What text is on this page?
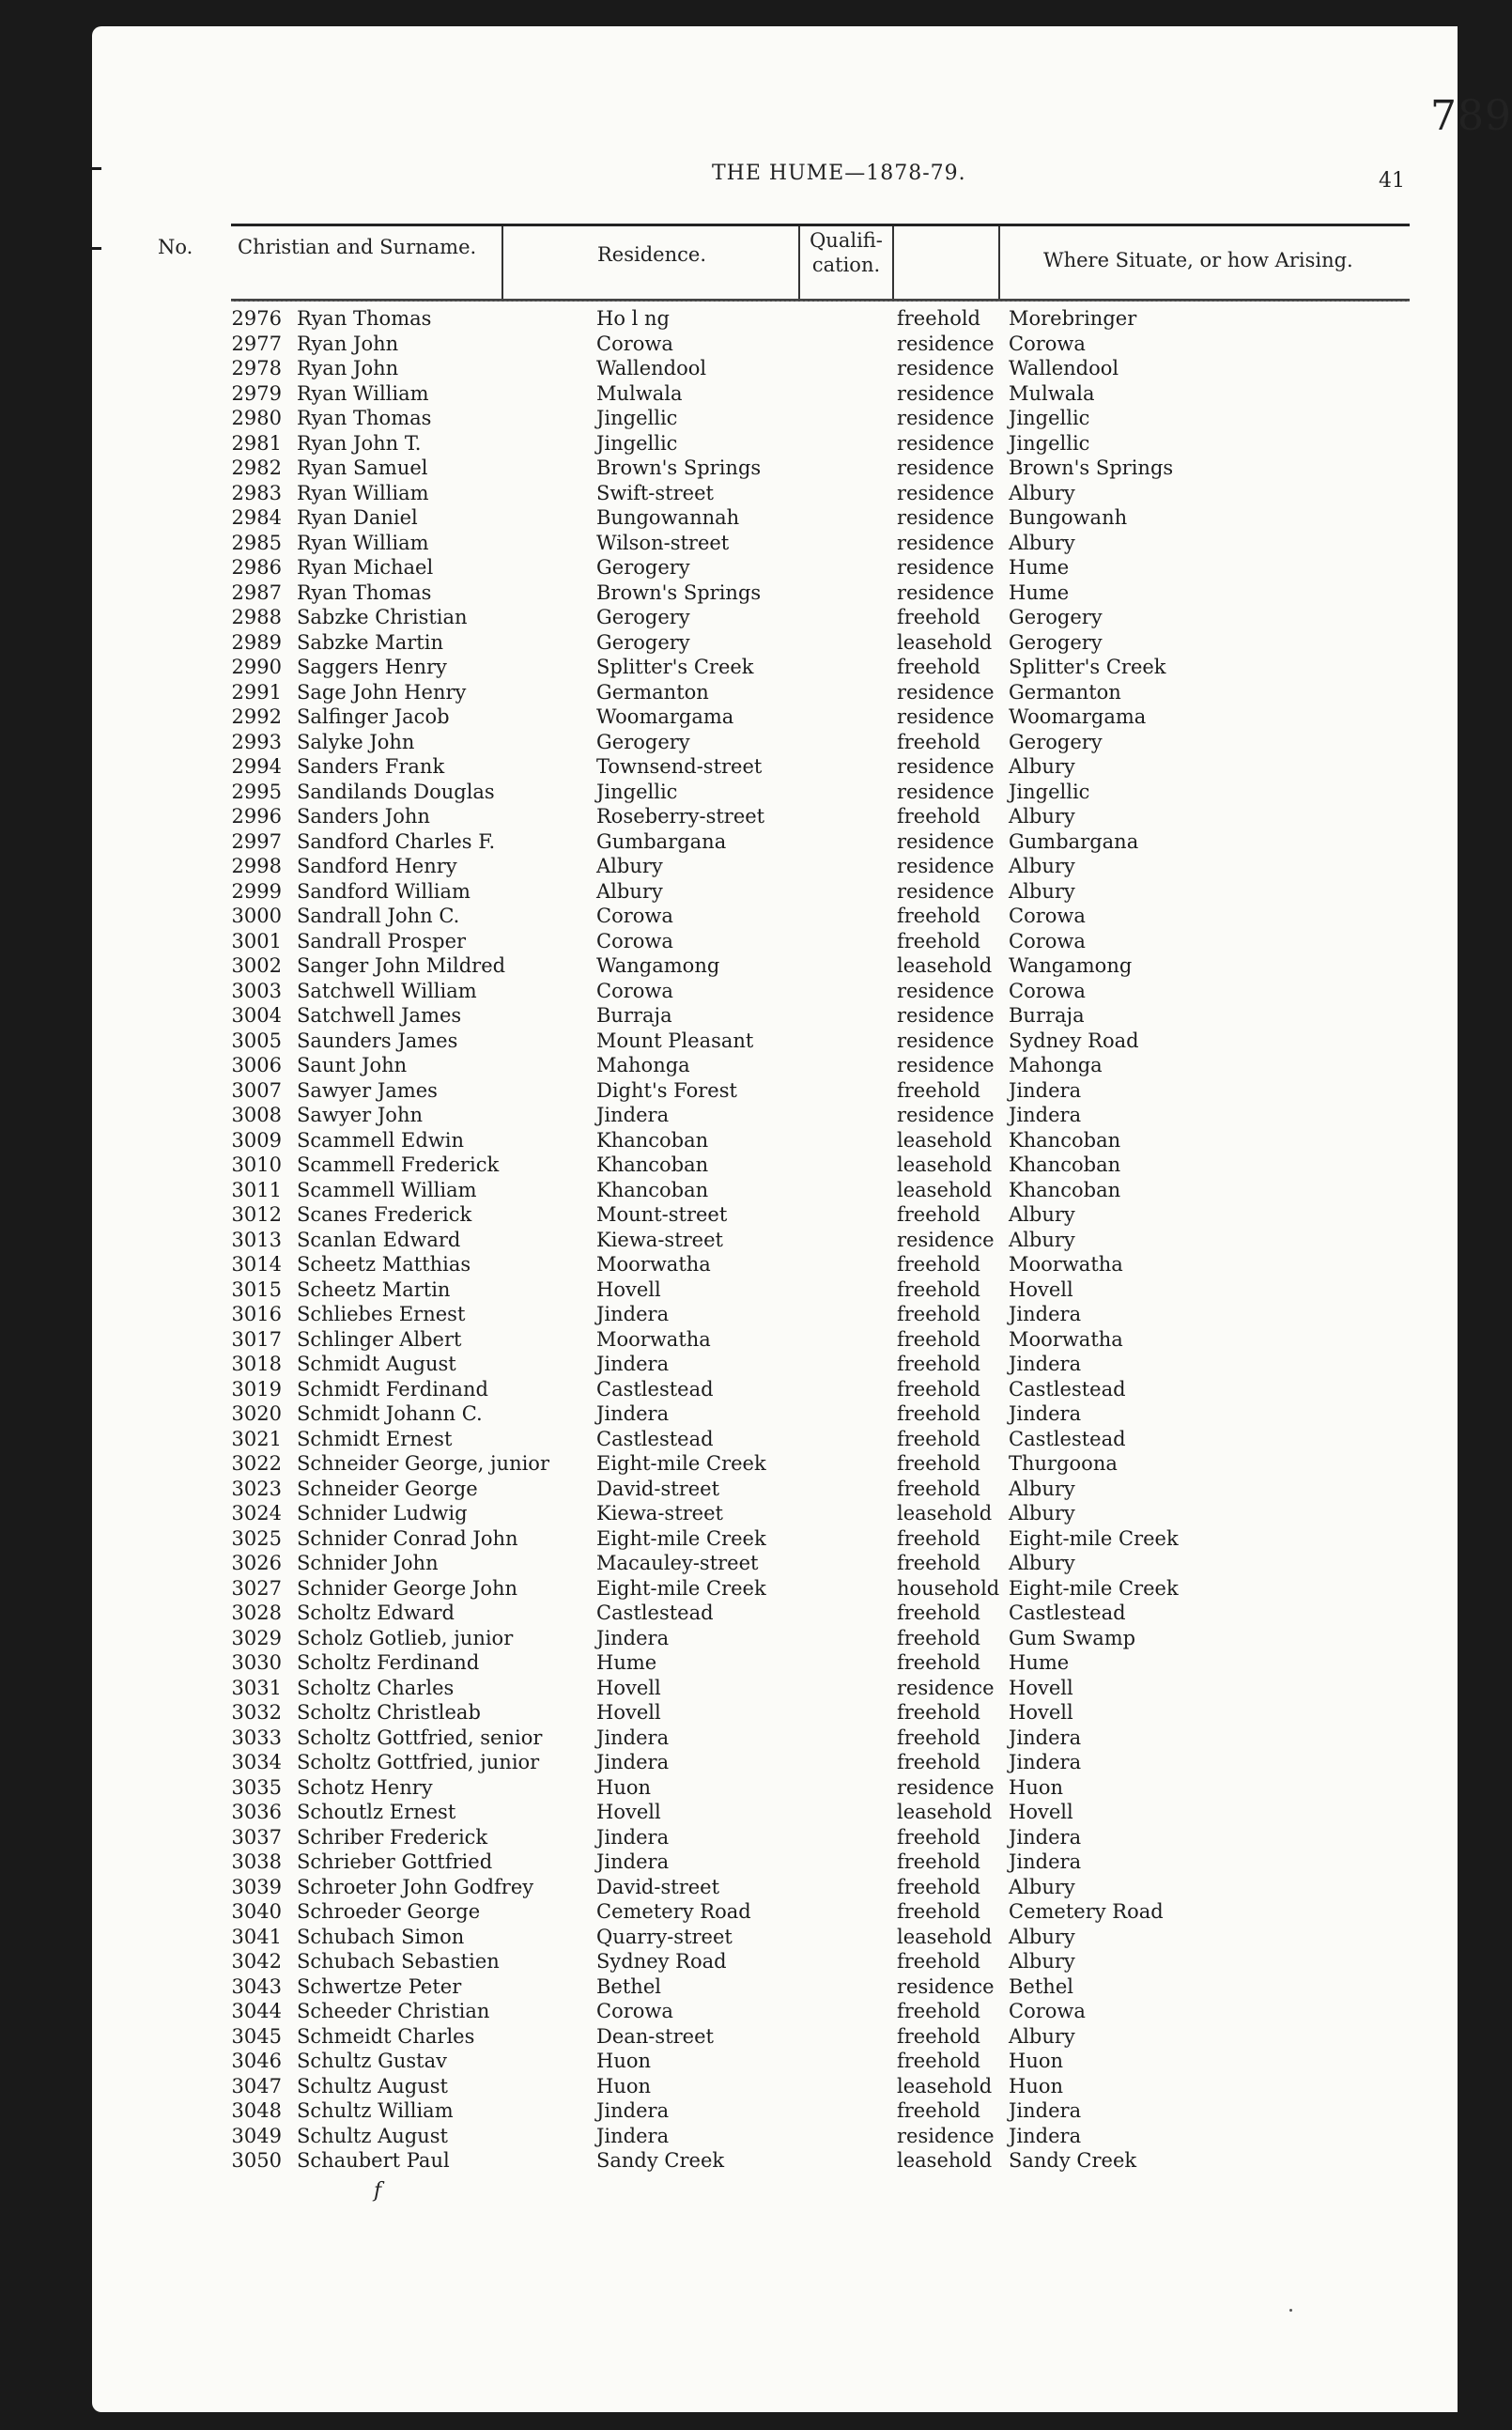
789
THE HUME—1878-79.	41
No. Christian and Surname.	Residence.
Qualifi-
cation.	Where Situate, or how Arising.
2976 Ryan Thomas	Ho l ng	freehold Morebringer
2977 Ryan John	Corowa	residence Corowa
2978 Ryan John	Wallendool	residence Wallendool
2979 Ryan William	Mulwala	residence Mulwala
2980 Ryan Thomas	Jingellic	residence Jingellic
2981 Ryan John T.	Jingellic	residence Jingellic
2982 Ryan Samuel	Brown's Springs	residence Brown's Springs
2983 Ryan William	Swift-street	residence Albury
2984 Ryan Daniel	Bungowannah	residence Bungowanh
2985 Ryan William	Wilson-street	residence Albury
2986 Ryan Michael	Gerogery	residence Hume
2987 Ryan Thomas	Brown's Springs	residence Hume
2988 Sabzke Christian	Gerogery	freehold Gerogery
2989 Sabzke Martin	Gerogery	leasehold Gerogery
2990 Saggers Henry	Splitter's Creek	freehold Splitter's Creek
2991 Sage John Henry	Germanton	residence Germanton
2992 Salfinger Jacob	Woomargama	residence Woomargama
2993 Salyke John	Gerogery	freehold Gerogery
2994 Sanders Frank	Townsend-street	residence Albury
2995 Sandilands Douglas	Jingellic	residence Jingellic
2996 Sanders John	Roseberry-street	freehold Albury
2997 Sandford Charles F.	Gumbargana	residence Gumbargana
2998 Sandford Henry	Albury	residence Albury
2999 Sandford William	Albury	residence Albury
3000 Sandrall John C.	Corowa	freehold Corowa
3001 Sandrall Prosper	Corowa	freehold Corowa
3002 Sanger John Mildred	Wangamong	leasehold Wangamong
3003 Satchwell William	Corowa	residence Corowa
3004 Satchwell James	Burraja	residence Burraja
3005 Saunders James	Mount Pleasant	residence Sydney Road
3006 Saunt John	Mahonga	residence Mahonga
3007 Sawyer James	Dight's Forest	freehold Jindera
3008 Sawyer John	Jindera	residence Jindera
3009 Scammell Edwin	Khancoban	leasehold Khancoban
3010 Scammell Frederick	Khancoban	leasehold Khancoban
3011 Scammell William	Khancoban	leasehold Khancoban
3012 Scanes Frederick	Mount-street	freehold Albury
3013 Scanlan Edward	Kiewa-street	residence Albury
3014 Scheetz Matthias	Moorwatha	freehold Moorwatha
3015 Scheetz Martin	Hovell	freehold Hovell
3016 Schliebes Ernest	Jindera	freehold Jindera
3017 Schlinger Albert	Moorwatha	freehold Moorwatha
3018 Schmidt August	Jindera	freehold Jindera
3019 Schmidt Ferdinand	Castlestead	freehold Castlestead
3020 Schmidt Johann C.	Jindera	freehold Jindera
3021 Schmidt Ernest	Castlestead	freehold Castlestead
3022 Schneider George, junior Eight-mile Creek	freehold Thurgoona
3023 Schneider George	David-street	freehold Albury
3024 Schnider Ludwig	Kiewa-street	leasehold Albury
3025 Schnider Conrad John	Eight-mile Creek	freehold Eight-mile Creek
3026 Schnider John	Macauley-street	freehold Albury
3027 Schnider George John	Eight-mile Creek	household Eight-mile Creek
3028 Scholtz Edward	Castlestead	freehold Castlestead
3029 Scholz Gotlieb, junior	Jindera	freehold Gum Swamp
3030 Scholtz Ferdinand	Hume	freehold Hume
3031 Scholtz Charles	Hovell	residence Hovell
3032 Scholtz Christleab	Hovell	freehold Hovell
3033 Scholtz Gottfried, senior	Jindera	freehold Jindera
3034 Scholtz Gottfried, junior	Jindera	freehold Jindera
3035 Schotz Henry	Huon	residence Huon
3036 Schoutlz Ernest	Hovell	leasehold Hovell
3037 Schriber Frederick	Jindera	freehold Jindera
3038 Schrieber Gottfried	Jindera	freehold Jindera
3039 Schroeter John Godfrey	David-street	freehold Albury
3040 Schroeder George	Cemetery Road	freehold Cemetery Road
3041 Schubach Simon	Quarry-street	leasehold Albury
3042 Schubach Sebastien	Sydney Road	freehold Albury
3043 Schwertze Peter	Bethel	residence Bethel
3044 Scheeder Christian	Corowa	freehold Corowa
3045 Schmeidt Charles	Dean-street	freehold Albury
3046 Schultz Gustav	Huon	freehold Huon
3047 Schultz August	Huon	leasehold Huon
3048 Schultz William	Jindera	freehold Jindera
3049 Schultz August	Jindera	residence Jindera
3050 Schaubert Paul	Sandy Creek	leasehold Sandy Creek
f
